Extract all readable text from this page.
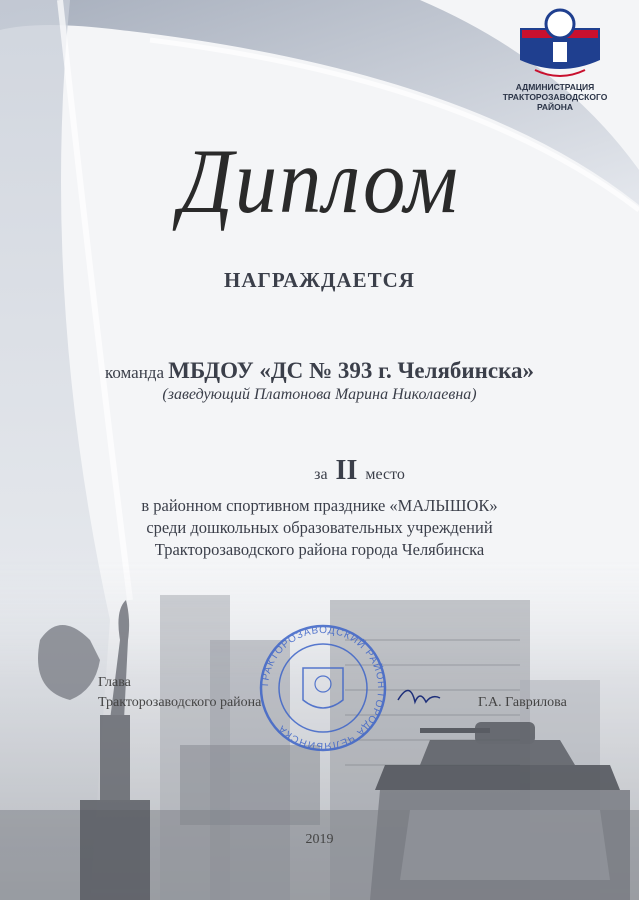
ТРАКТОРОЗАВОДСКИЙ РАЙОН ГОРОДА ЧЕЛЯБИНСКА
АДМИНИСТРАЦИЯ
ТРАКТОРОЗАВОДСКОГО
РАЙОНА
Диплом
НАГРАЖДАЕТСЯ
команда МБДОУ «ДС № 393 г. Челябинска»
(заведующий Платонова Марина Николаевна)
за II место
в районном спортивном празднике «МАЛЫШОК»
среди дошкольных образовательных учреждений
Тракторозаводского района города Челябинска
Глава
Тракторозаводского района	Г.А. Гаврилова
2019
